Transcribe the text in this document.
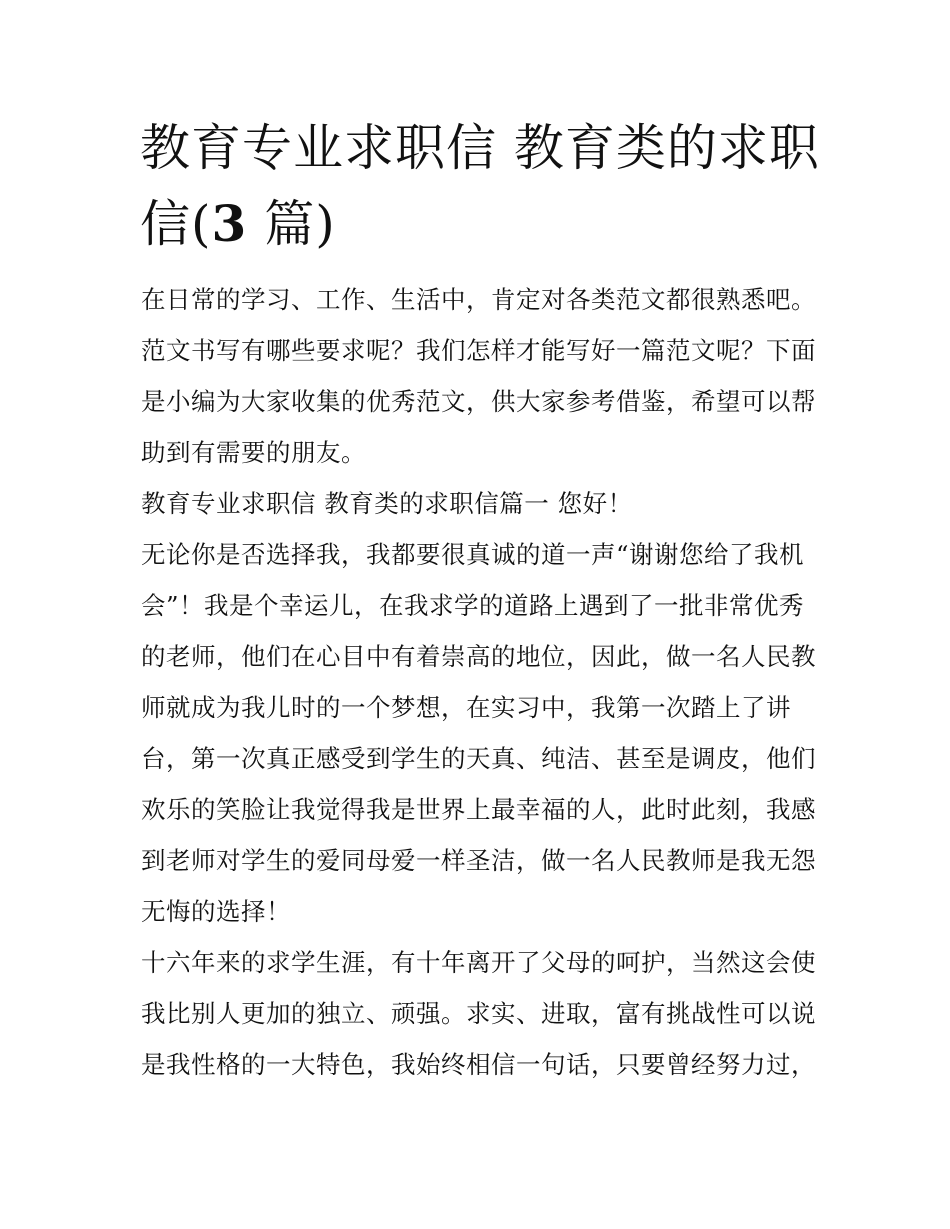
教育专业求职信 教育类的求职
信(3 篇)

在日常的学习、工作、生活中，肯定对各类范文都很熟悉吧。

范文书写有哪些要求呢？我们怎样才能写好一篇范文呢？下面

是小编为大家收集的优秀范文，供大家参考借鉴，希望可以帮

助到有需要的朋友。

教育专业求职信 教育类的求职信篇一 您好！

无论你是否选择我，我都要很真诚的道一声“谢谢您给了我机

会”！我是个幸运儿，在我求学的道路上遇到了一批非常优秀

的老师，他们在心目中有着崇高的地位，因此，做一名人民教

师就成为我儿时的一个梦想，在实习中，我第一次踏上了讲

台，第一次真正感受到学生的天真、纯洁、甚至是调皮，他们

欢乐的笑脸让我觉得我是世界上最幸福的人，此时此刻，我感

到老师对学生的爱同母爱一样圣洁，做一名人民教师是我无怨

无悔的选择！

十六年来的求学生涯，有十年离开了父母的呵护，当然这会使

我比别人更加的独立、顽强。求实、进取，富有挑战性可以说

是我性格的一大特色，我始终相信一句话，只要曾经努力过，
